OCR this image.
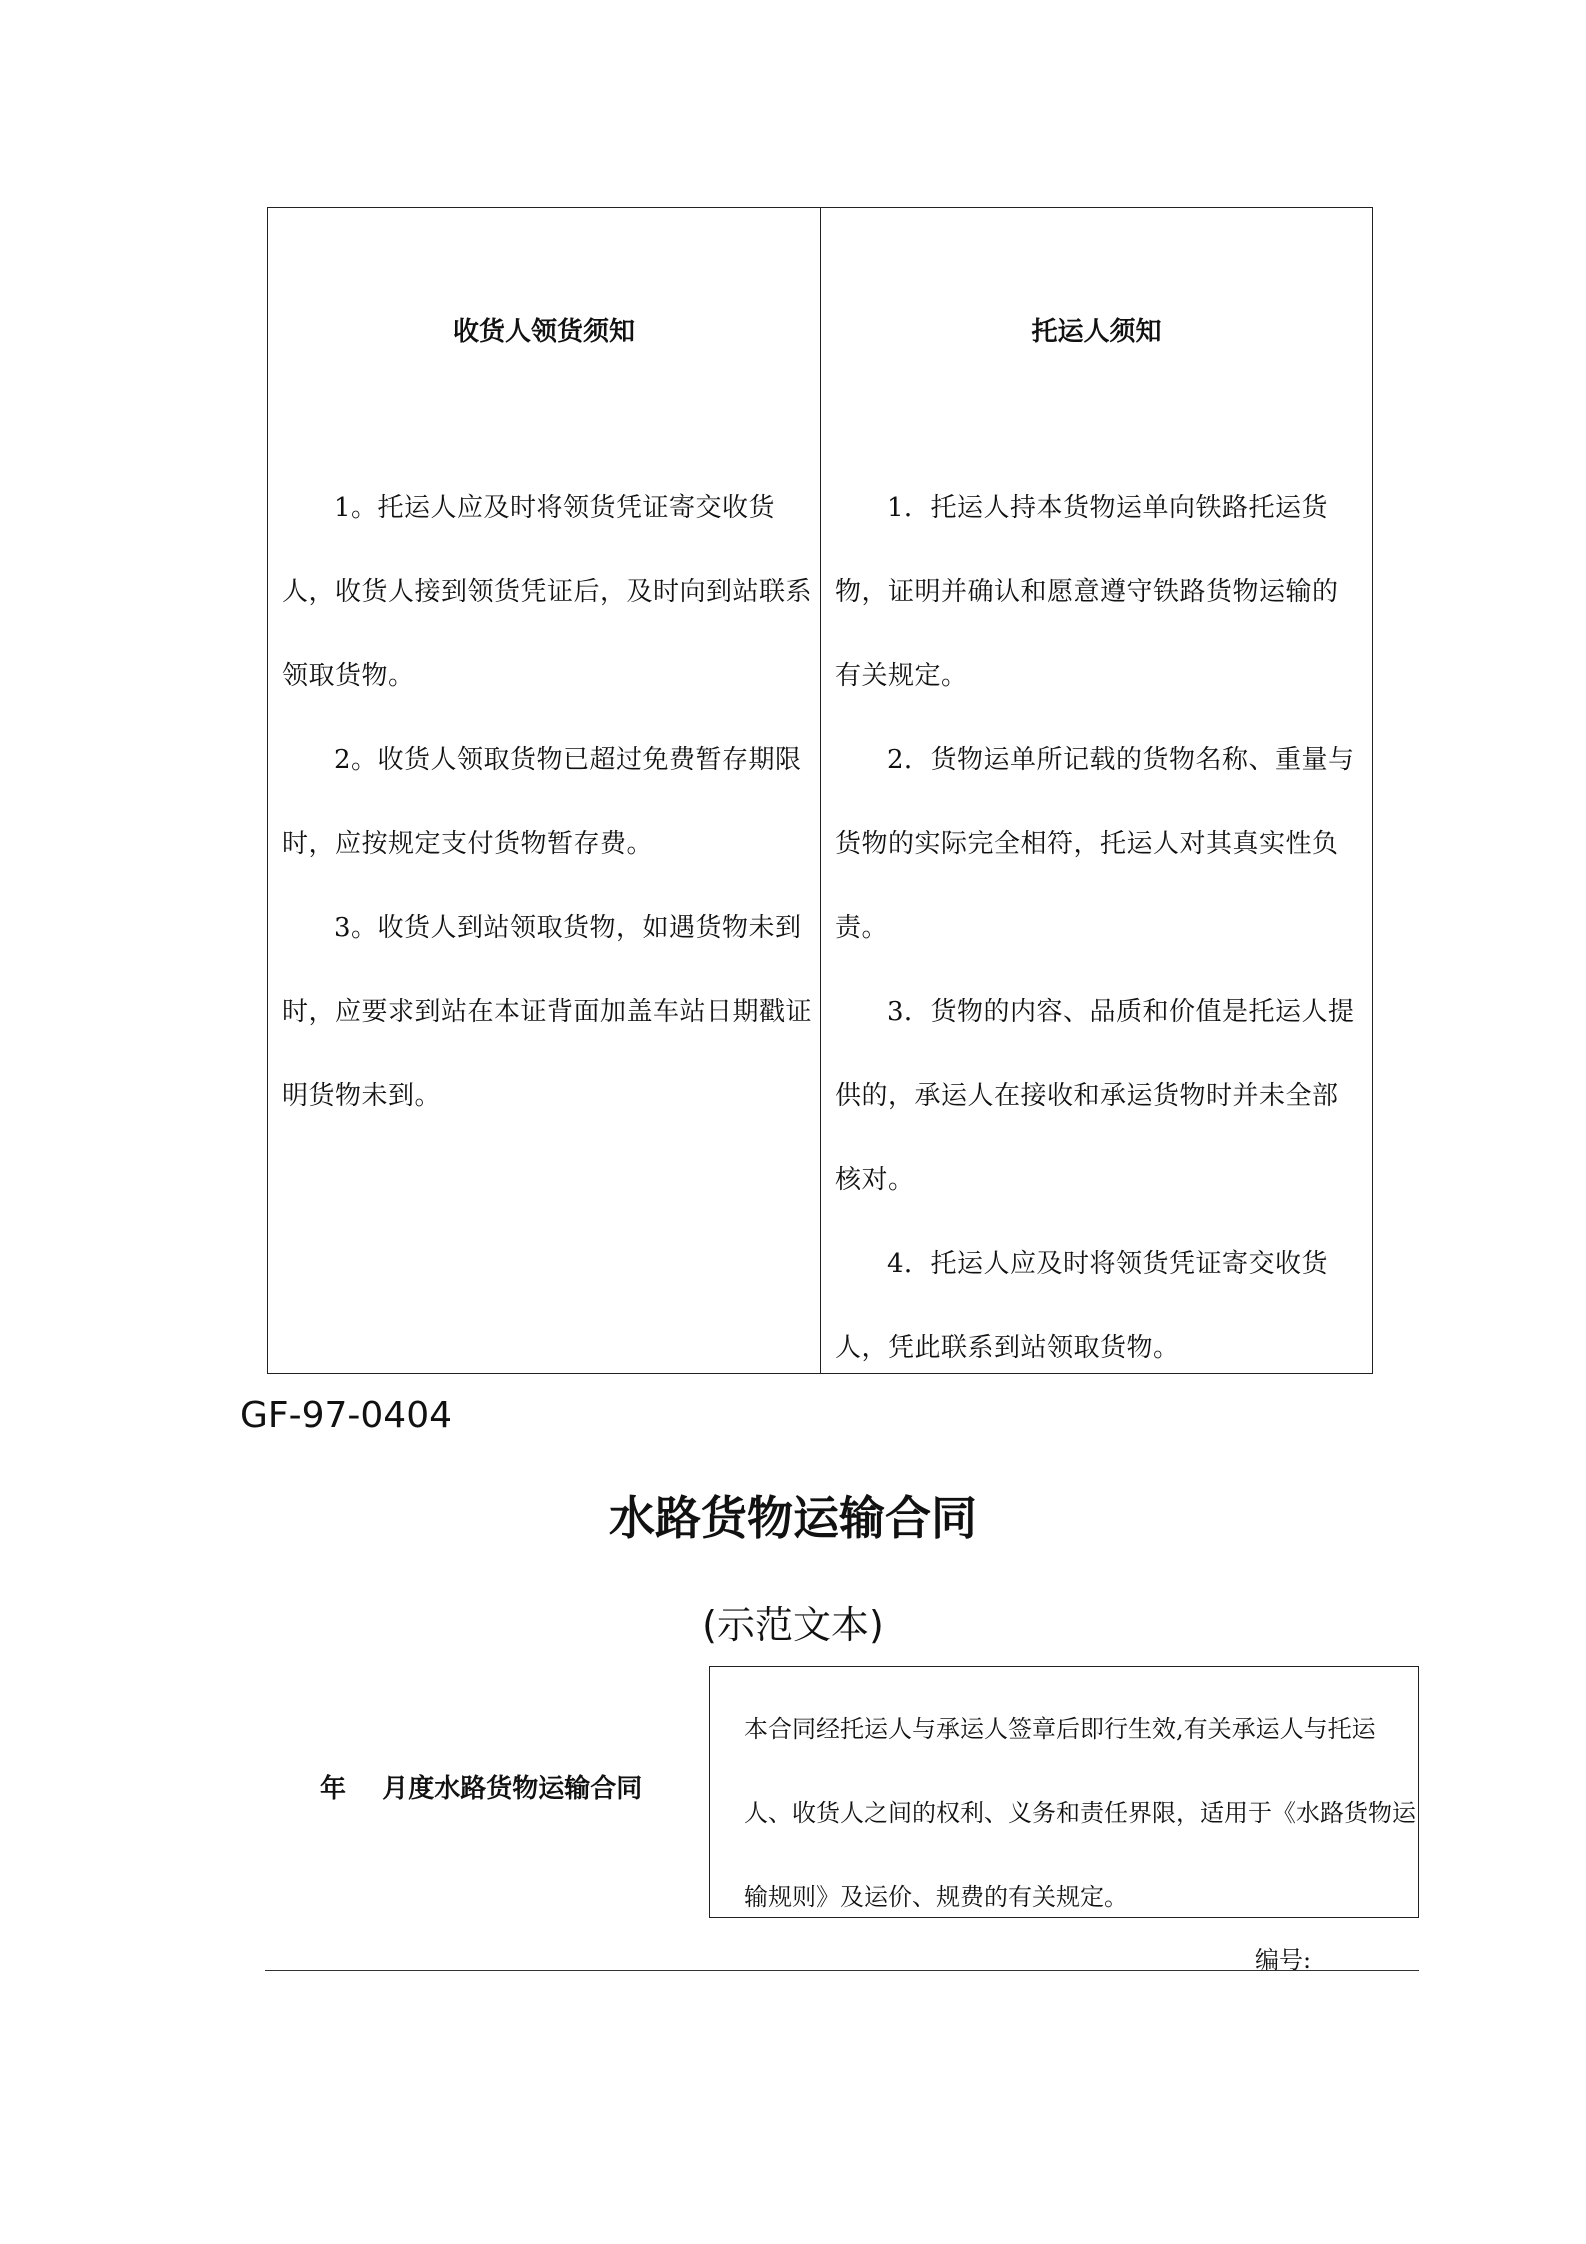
收货人领货须知

1。托运人应及时将领货凭证寄交收货人，收货人接到领货凭证后，及时向到站联系领取货物。

2。收货人领取货物已超过免费暂存期限时，应按规定支付货物暂存费。

3。收货人到站领取货物，如遇货物未到时，应要求到站在本证背面加盖车站日期戳证明货物未到。

托运人须知

1．托运人持本货物运单向铁路托运货物，证明并确认和愿意遵守铁路货物运输的有关规定。

2．货物运单所记载的货物名称、重量与货物的实际完全相符，托运人对其真实性负责。

3．货物的内容、品质和价值是托运人提供的，承运人在接收和承运货物时并未全部核对。

4．托运人应及时将领货凭证寄交收货人，凭此联系到站领取货物。

GF-97-0404

水路货物运输合同

(示范文本)

年    月度水路货物运输合同

本合同经托运人与承运人签章后即行生效,有关承运人与托运人、收货人之间的权利、义务和责任界限，适用于《水路货物运输规则》及运价、规费的有关规定。

编号:
